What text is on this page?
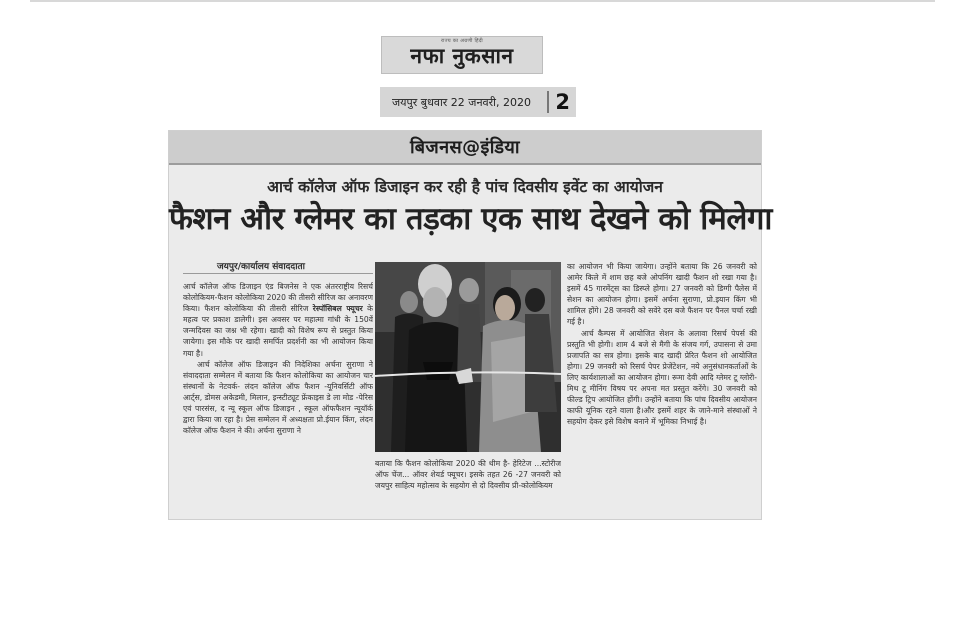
राज्य का अग्रणी हिंदी
नफा नुकसान
जयपुर बुधवार 22 जनवरी, 2020	2
बिजनस@इंडिया
आर्च कॉलेज ऑफ डिजाइन कर रही है पांच दिवसीय इवेंट का आयोजन
फैशन और ग्लेमर का तड़का एक साथ देखने को मिलेगा
जयपुर/कार्यालय संवाददाता

आर्च कॉलेज ऑफ डिजाइन एंड बिजनेस ने एक अंतरराष्ट्रीय रिसर्च कोलोकियम-फैशन कोलोकिया 2020 की तीसरी सीरिज का अनावरण किया। फैशन कोलोकिया की तीसरी सीरिज रेस्पॉसिबल फ्यूचर के महत्व पर प्रकाश डालेगी। इस अवसर पर महात्मा गांधी के 150वें जन्मदिवस का जश्न भी रहेगा। खादी को विशेष रूप से प्रस्तुत किया जायेगा। इस मौके पर खादी समर्पित प्रदर्शनी का भी आयोजन किया गया है।

आर्च कॉलेज ऑफ डिजाइन की निदेशिका अर्चना सुराणा ने संवाददाता सम्मेलन में बताया कि फैशन कोलोकिया का आयोजन चार संस्थानों के नेटवर्क- लंदन कॉलेज ऑफ फैशन -यूनिवर्सिटी ऑफ आर्ट्स, डोमस अकेडमी, मिलान, इन्स्टीट्यूट फ्रेंकाइस डे ला मोड -पेरिस एवं पारसंस, द न्यू स्कूल ऑफ डिजाइन , स्कूल ऑफफैशन न्यूयॉर्क द्वारा किया जा रहा है। प्रेस सम्मेलन में अध्यक्षता प्रो.ईयान किंग, लंदन कॉलेज ऑफ फैशन ने की। अर्चना सुराणा ने

बताया कि फैशन कोलोकिया 2020 की थीम है- हेरिटेज ...स्टोरीज ऑफ चेंज... ऑवर शेयर्ड फ्यूचर। इसके तहत 26 -27 जनवरी को जयपुर साहित्य महोत्सव के सहयोग से दो दिवसीय प्री-कोलोकियम

का आयोजन भी किया जायेगा। उन्होंने बताया कि 26 जनवरी को आमेर किले में शाम छह बजे ओपनिंग खादी फैशन शो रखा गया है। इसमें 45 गारमेंट्स का डिस्प्ले होगा। 27 जनवरी को डिग्गी पैलेस में सेशन का आयोजन होगा। इसमें अर्चना सुराणा, प्रो.इयान किंग भी शामिल होंगे। 28 जनवरी को सवेरे दस बजे फैशन पर पैनल चर्चा रखी गई है।

आर्च कैम्पस में आयोजित सेशन के अलावा रिसर्च पेपर्स की प्रस्तुति भी होगी। शाम 4 बजे से मैगी के संजय गर्ग, उपासना से उमा प्रजापति का सत्र होगा। इसके बाद खादी प्रेरित फैशन शो आयोजित होगा। 29 जनवरी को रिसर्च पेपर प्रेजेंटेशन, नये अनुसंधानकर्ताओं के लिए कार्यशालाओं का आयोजन होगा। रूमा देवी आदि ग्लेमर टू ग्लोरी-मिथ टू मीनिंग विषय पर अपना मत प्रस्तुत करेंगे। 30 जनवरी को फील्ड ट्रिप आयोजित होंगी। उन्होंने बताया कि पांच दिवसीय आयोजन काफी यूनिक रहने वाला है।और इसमें शहर के जाने-माने संस्थाओं ने सहयोग देकर इसे विशेष बनाने में भूमिका निभाई है।
